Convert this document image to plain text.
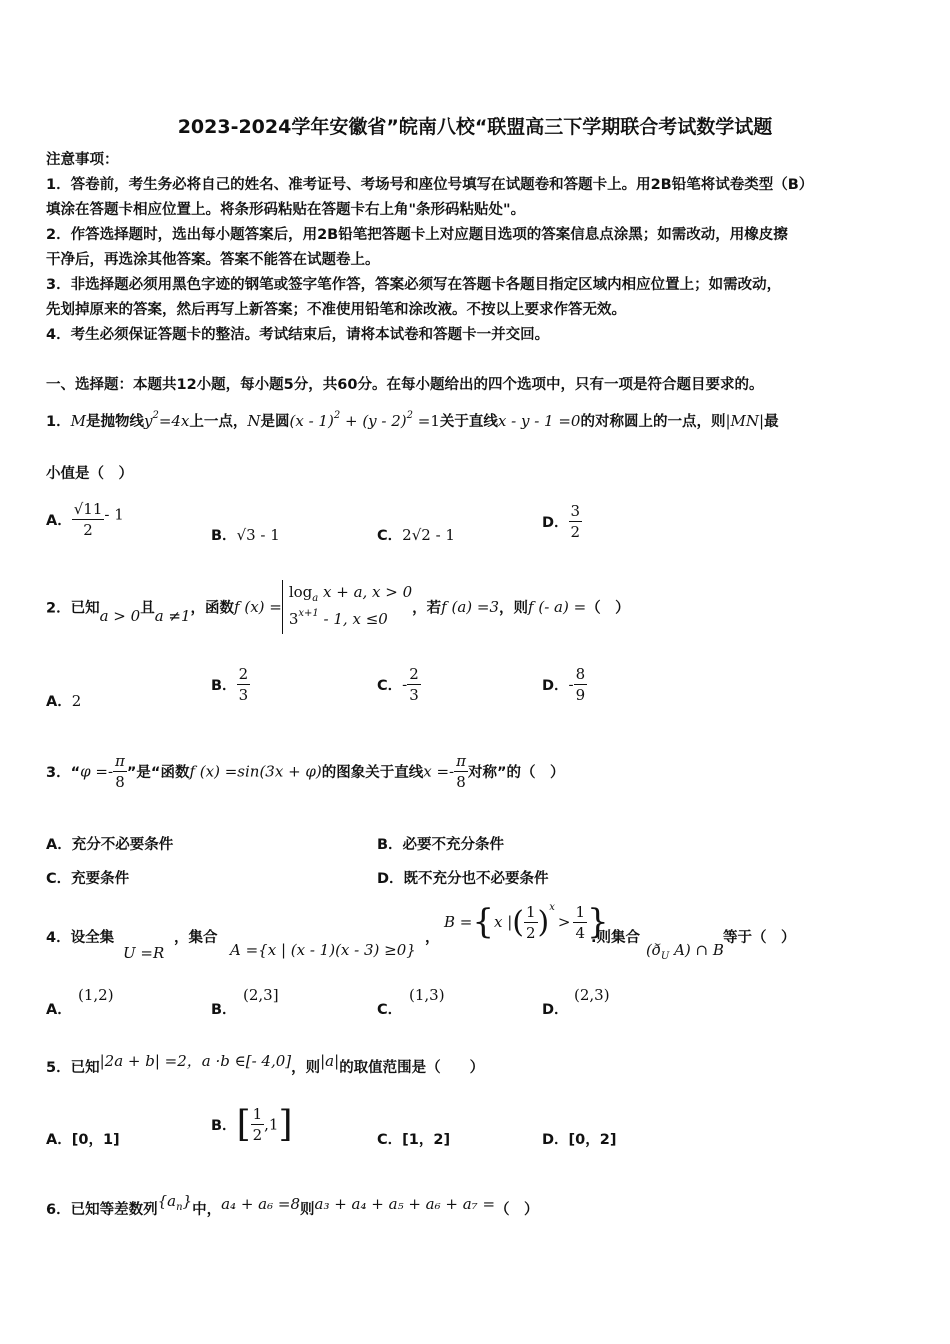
2023-2024学年安徽省”皖南八校“联盟高三下学期联合考试数学试题
注意事项：
1．答卷前，考生务必将自己的姓名、准考证号、考场号和座位号填写在试题卷和答题卡上。用2B铅笔将试卷类型（B）
填涂在答题卡相应位置上。将条形码粘贴在答题卡右上角"条形码粘贴处"。
2．作答选择题时，选出每小题答案后，用2B铅笔把答题卡上对应题目选项的答案信息点涂黑；如需改动，用橡皮擦
干净后，再选涂其他答案。答案不能答在试题卷上。
3．非选择题必须用黑色字迹的钢笔或签字笔作答，答案必须写在答题卡各题目指定区域内相应位置上；如需改动，
先划掉原来的答案，然后再写上新答案；不准使用铅笔和涂改液。不按以上要求作答无效。
4．考生必须保证答题卡的整洁。考试结束后，请将本试卷和答题卡一并交回。
一、选择题：本题共12小题，每小题5分，共60分。在每小题给出的四个选项中，只有一项是符合题目要求的。
1．M是抛物线$y^2=4x$上一点，N是圆(x - 1)$^2$ + (y - 2)$^2$ =1关于直线x - y - 1 =0的对称圆上的一点，则|MN|最
小值是（　）
A． $\frac{√11}{2} - 1$
B．√3 - 1	C．2√2 - 1
D． $\frac{3}{2}$
2．已知a > 0且a ≠1，函数f (x) =
$\log_a x + a$, x > 0
$3^{x+1} - 1$, x ≤0
，若f (a) =3，则f (- a) =（　）
A．2
B． $\frac{2}{3}$	C．- $\frac{2}{3}$	D．- $\frac{8}{9}$
3．“$\varphi =- \frac{\pi}{8}$ ”是“函数f (x) =sin(3x + φ)的图象关于直线$x =- \frac{\pi}{8}$ 对称”的（　）
A．充分不必要条件	B．必要不充分条件
C．充要条件	D．既不充分也不必要条件
4．设全集
U =R
，集合
A ={x | (x - 1)(x - 3) ≥0}
，
B ={x |( $\frac{1}{2} )^x> \frac{1}{4}$ }
.则集合
($ð_U$ A) ∩ B
等于（　）
A．
(1,2)
B．
(2,3]
C．
(1,3)
D．
(2,3)
5．已知|2a + b| =2，a ·b ∈[- 4,0]，则|a|的取值范围是（　　）
A．[0，1]
B．[ $\frac{1}{2} ,1$]	C．[1，2]	D．[0，2]
6．已知等差数列$\{a^n\}$中，a₄ + a₆ =8则a₃ + a₄ + a₅ + a₆ + a₇ =（　）
